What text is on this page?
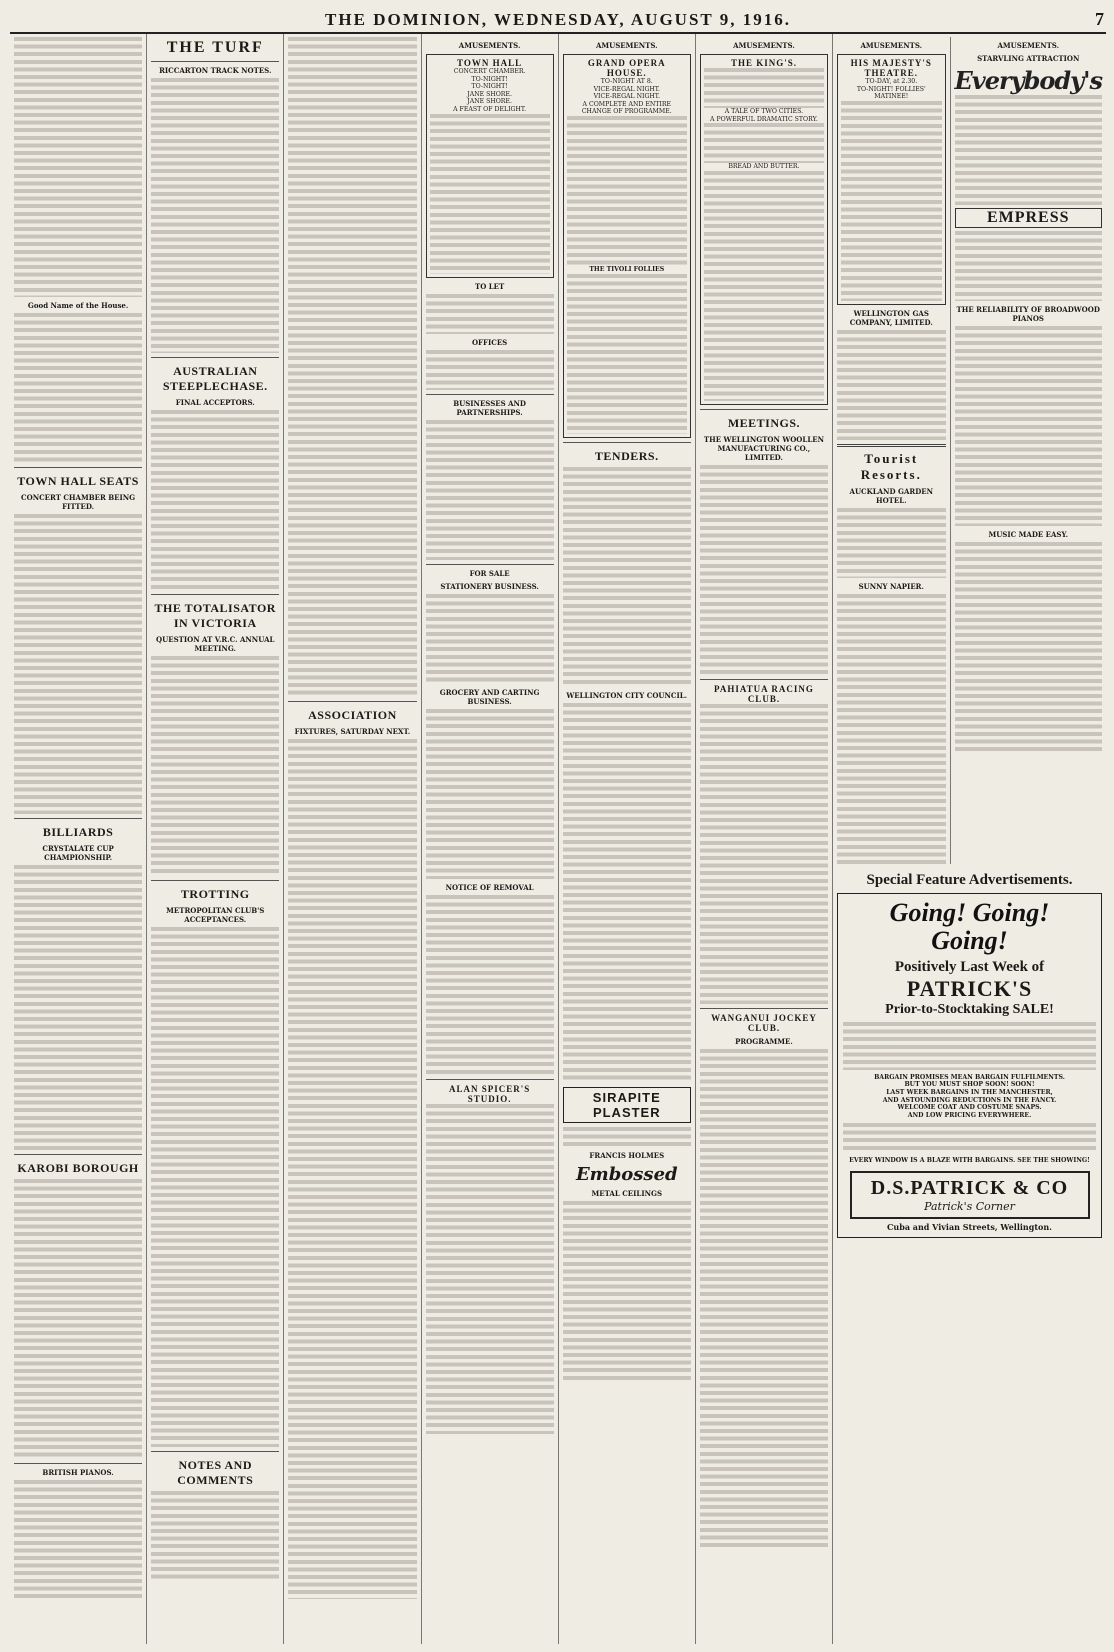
THE DOMINION, WEDNESDAY, AUGUST 9, 1916.	7
Good Name of the House.
TOWN HALL SEATS
CONCERT CHAMBER BEING FITTED.
BILLIARDS
CRYSTALATE CUP CHAMPIONSHIP.
KAROBI BOROUGH
BRITISH PIANOS.
THE TURF
RICCARTON TRACK NOTES.
AUSTRALIAN STEEPLECHASE.
FINAL ACCEPTORS.
THE TOTALISATOR IN VICTORIA
QUESTION AT V.R.C. ANNUAL MEETING.
TROTTING
METROPOLITAN CLUB'S ACCEPTANCES.
NOTES AND COMMENTS
ASSOCIATION
FIXTURES, SATURDAY NEXT.
AMUSEMENTS.
TOWN HALL
CONCERT CHAMBER.
TO-NIGHT!
TO-NIGHT!
JANE SHORE.
JANE SHORE.
A FEAST OF DELIGHT.
TO LET
OFFICES
BUSINESSES AND PARTNERSHIPS.
FOR SALE
STATIONERY BUSINESS.
GROCERY AND CARTING BUSINESS.
NOTICE OF REMOVAL
ALAN SPICER'S STUDIO.
AMUSEMENTS.
GRAND OPERA HOUSE.
TO-NIGHT AT 8.
VICE-REGAL NIGHT.
VICE-REGAL NIGHT.
A COMPLETE AND ENTIRE
CHANGE OF PROGRAMME.
THE TIVOLI FOLLIES
TENDERS.
WELLINGTON CITY COUNCIL.
SIRAPITE PLASTER
FRANCIS HOLMES
Embossed
METAL CEILINGS
AMUSEMENTS.
THE KING'S.
A TALE OF TWO CITIES.
A POWERFUL DRAMATIC STORY.
BREAD AND BUTTER.
MEETINGS.
THE WELLINGTON WOOLLEN MANUFACTURING CO., LIMITED.
PAHIATUA RACING CLUB.
WANGANUI JOCKEY CLUB.
PROGRAMME.
AMUSEMENTS.
HIS MAJESTY'S THEATRE.
TO-DAY, at 2.30.
TO-NIGHT! FOLLIES' MATINEE!
WELLINGTON GAS COMPANY, LIMITED.
Tourist Resorts.
AUCKLAND GARDEN HOTEL.
SUNNY NAPIER.
AMUSEMENTS.
STARVLING ATTRACTION
Everybody's
EMPRESS
THE RELIABILITY OF BROADWOOD PIANOS
MUSIC MADE EASY.
Special Feature Advertisements.
Going! Going!
Going!
Positively Last Week of
PATRICK'S
Prior-to-Stocktaking SALE!
BARGAIN PROMISES MEAN BARGAIN FULFILMENTS.
BUT YOU MUST SHOP SOON! SOON!
LAST WEEK BARGAINS IN THE MANCHESTER,
AND ASTOUNDING REDUCTIONS IN THE FANCY.
WELCOME COAT AND COSTUME SNAPS.
AND LOW PRICING EVERYWHERE.
EVERY WINDOW IS A BLAZE WITH BARGAINS. SEE THE SHOWING!
D.S.PATRICK & CO
Patrick's Corner
Cuba and Vivian Streets, Wellington.
